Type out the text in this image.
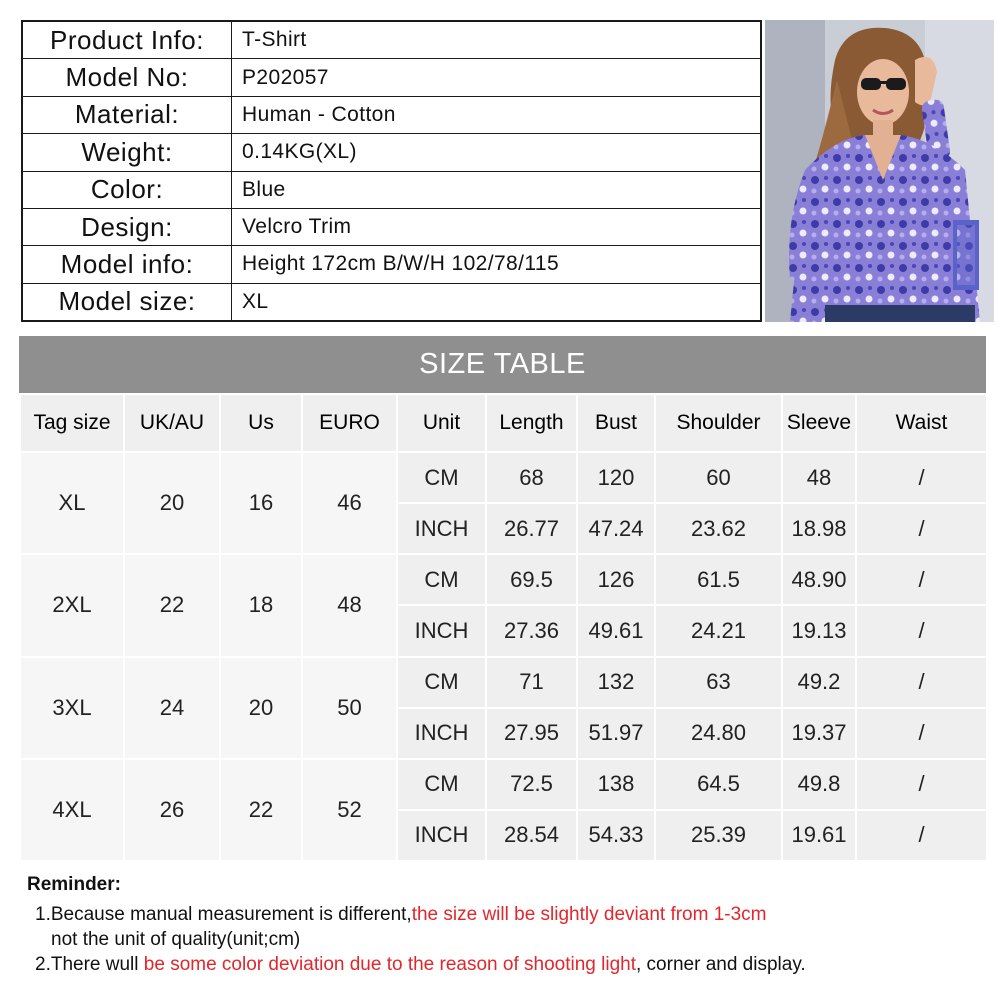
Product Info:	T-Shirt
Model No:	P202057
Material:	Human - Cotton
Weight:	0.14KG(XL)
Color:	Blue
Design:	Velcro Trim
Model info:	Height 172cm B/W/H 102/78/115
Model size:	XL
SIZE TABLE
Tag size	UK/AU	Us	EURO	Unit	Length	Bust	Shoulder	Sleeve	Waist
XL	20	16	46	CM	68	120	60	48	/
				INCH	26.77	47.24	23.62	18.98	/
2XL	22	18	48	CM	69.5	126	61.5	48.90	/
				INCH	27.36	49.61	24.21	19.13	/
3XL	24	20	50	CM	71	132	63	49.2	/
				INCH	27.95	51.97	24.80	19.37	/
4XL	26	22	52	CM	72.5	138	64.5	49.8	/
				INCH	28.54	54.33	25.39	19.61	/
Reminder:
1.Because manual measurement is different,the size will be slightly deviant from 1-3cm
not the unit of quality(unit;cm)
2.There wull be some color deviation due to the reason of shooting light, corner and display.
